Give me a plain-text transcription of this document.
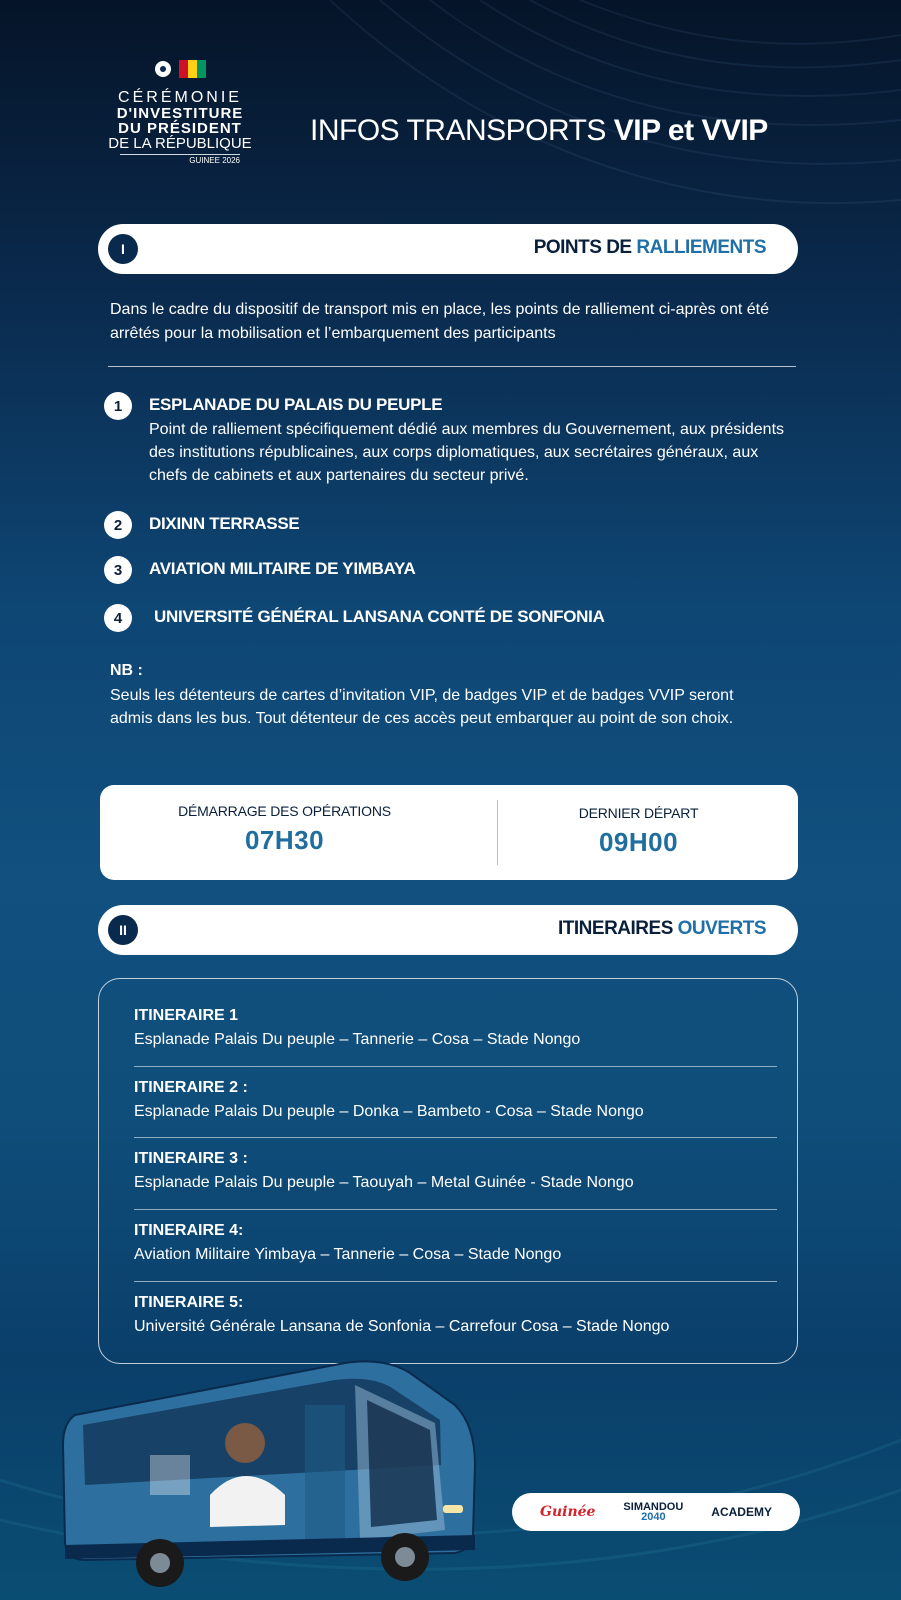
CÉRÉMONIE
D'INVESTITURE
DU PRÉSIDENT
DE LA RÉPUBLIQUE
GUINEE 2026
INFOS TRANSPORTS VIP et VVIP
I	POINTS DE RALLIEMENTS
Dans le cadre du dispositif de transport mis en place, les points de ralliement ci-après ont été arrêtés pour la mobilisation et l’embarquement des participants
1	ESPLANADE DU PALAIS DU PEUPLE
Point de ralliement spécifiquement dédié aux membres du Gouvernement, aux présidents des institutions républicaines, aux corps diplomatiques, aux secrétaires généraux, aux chefs de cabinets et aux partenaires du secteur privé.
2	DIXINN TERRASSE
3	AVIATION MILITAIRE DE YIMBAYA
4	UNIVERSITÉ GÉNÉRAL LANSANA CONTÉ DE SONFONIA
NB :
Seuls les détenteurs de cartes d’invitation VIP, de badges VIP et de badges VVIP seront admis dans les bus. Tout détenteur de ces accès peut embarquer au point de son choix.
DÉMARRAGE DES OPÉRATIONS
07H30
DERNIER DÉPART
09H00
II	ITINERAIRES OUVERTS
ITINERAIRE 1
Esplanade Palais Du peuple – Tannerie – Cosa – Stade Nongo
ITINERAIRE 2 :
Esplanade Palais Du peuple – Donka – Bambeto - Cosa – Stade Nongo
ITINERAIRE 3 :
Esplanade Palais Du peuple – Taouyah – Metal Guinée - Stade Nongo
ITINERAIRE 4:
Aviation Militaire Yimbaya – Tannerie – Cosa – Stade Nongo
ITINERAIRE 5:
Université Générale Lansana de Sonfonia – Carrefour Cosa – Stade Nongo
Guinée	SIMANDOU
2040	ACADEMY
